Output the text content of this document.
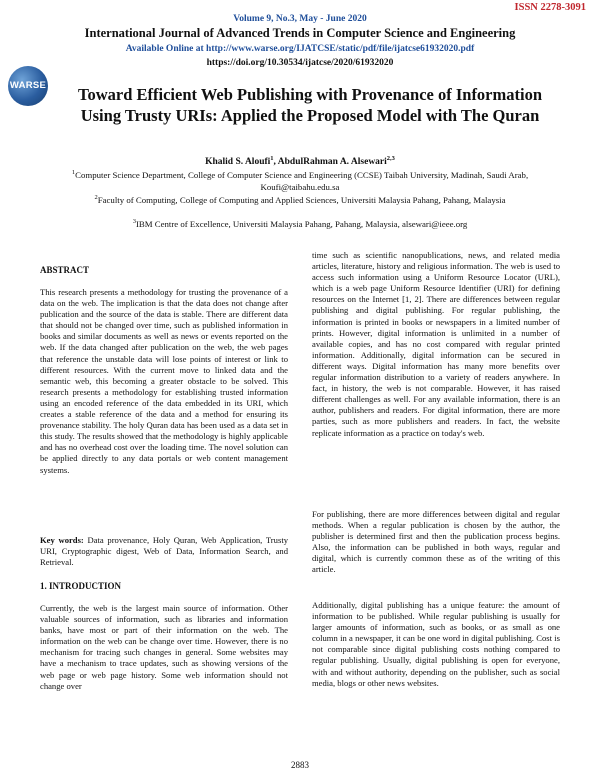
ISSN 2278-3091
Volume 9, No.3, May - June 2020
International Journal of Advanced Trends in Computer Science and Engineering
Available Online at http://www.warse.org/IJATCSE/static/pdf/file/ijatcse61932020.pdf
https://doi.org/10.30534/ijatcse/2020/61932020
WARSE	Toward Efficient Web Publishing with Provenance of Information Using Trusty URIs: Applied the Proposed Model with The Quran
Khalid S. Aloufi$^1$, AbdulRahman A. Alsewari$^{2,3}$
$^1$Computer Science Department, College of Computer Science and Engineering (CCSE) Taibah University, Madinah, Saudi Arab, Koufi@taibahu.edu.sa
$^2$Faculty of Computing, College of Computing and Applied Sciences, Universiti Malaysia Pahang, Pahang, Malaysia
$^3$IBM Centre of Excellence, Universiti Malaysia Pahang, Pahang, Malaysia, alsewari@ieee.org
ABSTRACT
This research presents a methodology for trusting the provenance of a data on the web. The implication is that the data does not change after publication and the source of the data is stable. There are different data that should not be changed over time, such as published information in books and similar documents as well as news or events reported on the web. If the data changed after publication on the web, the web pages that reference the unstable data will lose points of interest or link to different resources. With the current move to linked data and the semantic web, this becoming a greater obstacle to be solved. This research presents a methodology for establishing trusted information using an encoded reference of the data embedded in its URI, which creates a stable reference of the data and a method for ensuring its provenance stability. The holy Quran data has been used as a data set in this study. The results showed that the methodology is highly applicable and has no overhead cost over the loading time. The novel solution can be applied directly to any data portals or web content management systems.
Key words: Data provenance, Holy Quran, Web Application, Trusty URI, Cryptographic digest, Web of Data, Information Search, and Retrieval.
1. INTRODUCTION
Currently, the web is the largest main source of information. Other valuable sources of information, such as libraries and information banks, have most or part of their information on the web. The information on the web can be change over time. However, there is no mechanism for tracing such changes in general. Some websites may have a mechanism to trace updates, such as showing versions of the web page or web page history. Some web information should not change over
time such as scientific nanopublications, news, and related media articles, literature, history and religious information. The web is used to access such information using a Uniform Resource Locator (URL), which is a web page Uniform Resource Identifier (URI) for defining resources on the Internet [1, 2]. There are differences between regular publishing and digital publishing. For regular publishing, the information is printed in books or newspapers in a limited number of prints. However, digital information is unlimited in a number of available copies, and has no cost compared with regular printed information. Additionally, digital information can be secured in different ways. Digital information has many more benefits over regular information distribution to a variety of readers anywhere. In fact, in history, the web is not comparable. However, it has raised different challenges as well. For any available information, there is an author, publishers and readers. For digital information, there are more parties, such as more publishers and readers. In fact, the website replicate information as a practice on today's web.
For publishing, there are more differences between digital and regular methods. When a regular publication is chosen by the author, the publisher is determined first and then the publication process begins. Also, the information can be published in both ways, regular and digital, which is currently common these as of the writing of this article.
Additionally, digital publishing has a unique feature: the amount of information to be published. While regular publishing is usually for larger amounts of information, such as books, or as small as one column in a newspaper, it can be one word in digital publishing. Cost is not comparable since digital publishing costs nothing compared to regular publishing. Usually, digital publishing is open for everyone, with and without authority, depending on the publisher, such as social media, blogs or other news websites.
2883
